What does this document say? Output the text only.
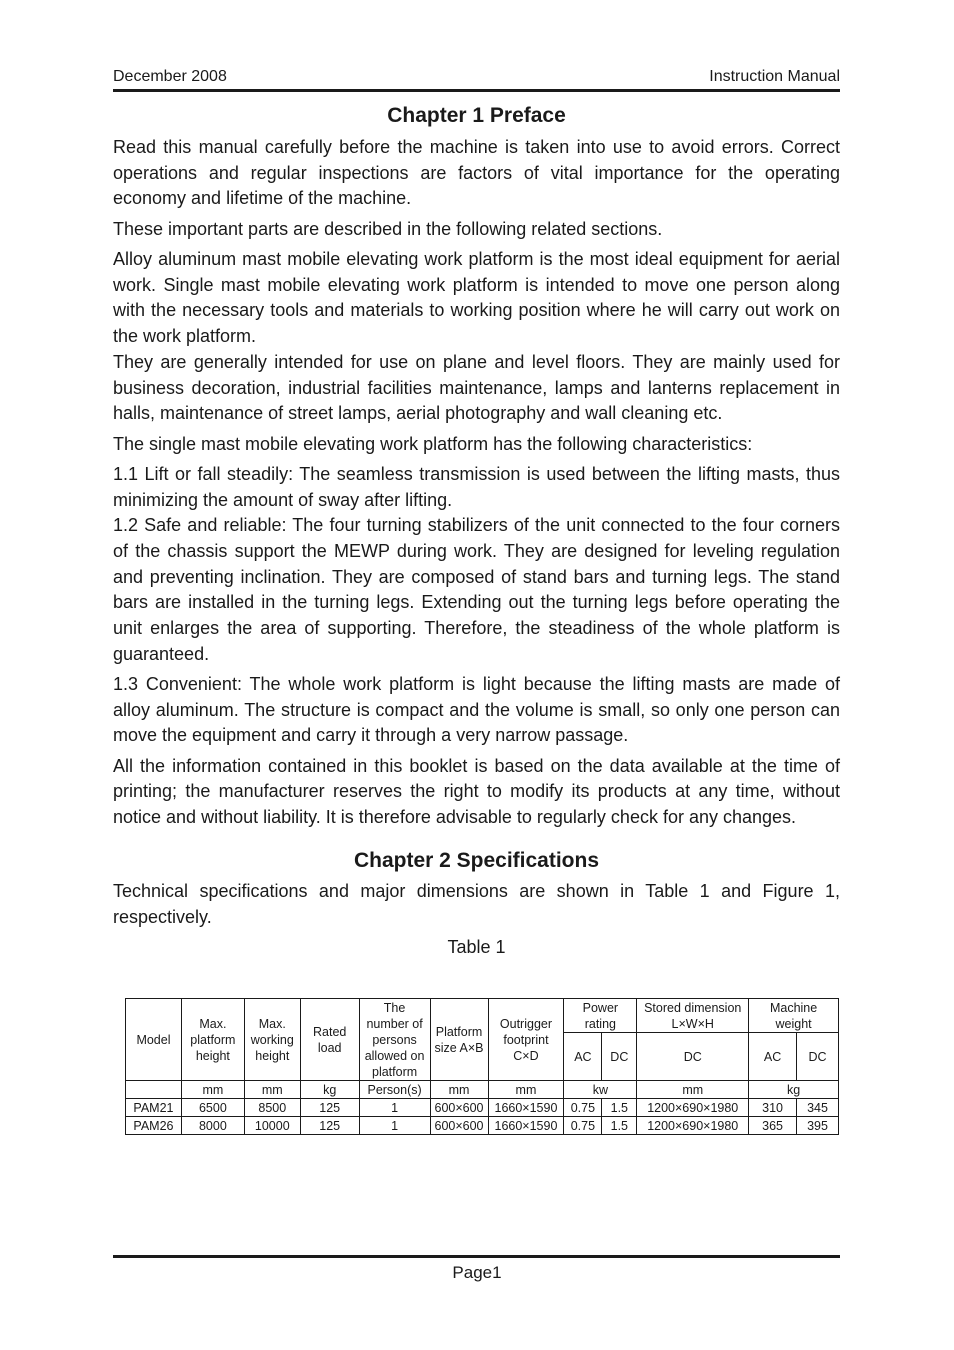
December 2008	Instruction Manual
Chapter 1 Preface

Read this manual carefully before the machine is taken into use to avoid errors. Correct operations and regular inspections are factors of vital importance for the operating economy and lifetime of the machine.

These important parts are described in the following related sections.

Alloy aluminum mast mobile elevating work platform is the most ideal equipment for aerial work. Single mast mobile elevating work platform is intended to move one person along with the necessary tools and materials to working position where he will carry out work on the work platform.

They are generally intended for use on plane and level floors. They are mainly used for business decoration, industrial facilities maintenance, lamps and lanterns replacement in halls, maintenance of street lamps, aerial photography and wall cleaning etc.

The single mast mobile elevating work platform has the following characteristics:

1.1 Lift or fall steadily: The seamless transmission is used between the lifting masts, thus minimizing the amount of sway after lifting.

1.2 Safe and reliable: The four turning stabilizers of the unit connected to the four corners of the chassis support the MEWP during work. They are designed for leveling regulation and preventing inclination. They are composed of stand bars and turning legs. The stand bars are installed in the turning legs. Extending out the turning legs before operating the unit enlarges the area of supporting. Therefore, the steadiness of the whole platform is guaranteed.

1.3 Convenient: The whole work platform is light because the lifting masts are made of alloy aluminum. The structure is compact and the volume is small, so only one person can move the equipment and carry it through a very narrow passage.

All the information contained in this booklet is based on the data available at the time of printing; the manufacturer reserves the right to modify its products at any time, without notice and without liability. It is therefore advisable to regularly check for any changes.

Chapter 2 Specifications

Technical specifications and major dimensions are shown in Table 1 and Figure 1, respectively.

Table 1
Model	Max. platform height	Max. working height	Rated load	The number of persons allowed on platform	Platform size A×B	Outrigger footprint C×D	Power rating		Stored dimension L×W×H	Machine weight	
							AC	DC	DC	AC	DC
	mm	mm	kg	Person(s)	mm	mm	kw		mm	kg	
PAM21	6500	8500	125	1	600×600	1660×1590	0.75	1.5	1200×690×1980	310	345
PAM26	8000	10000	125	1	600×600	1660×1590	0.75	1.5	1200×690×1980	365	395
Page1
